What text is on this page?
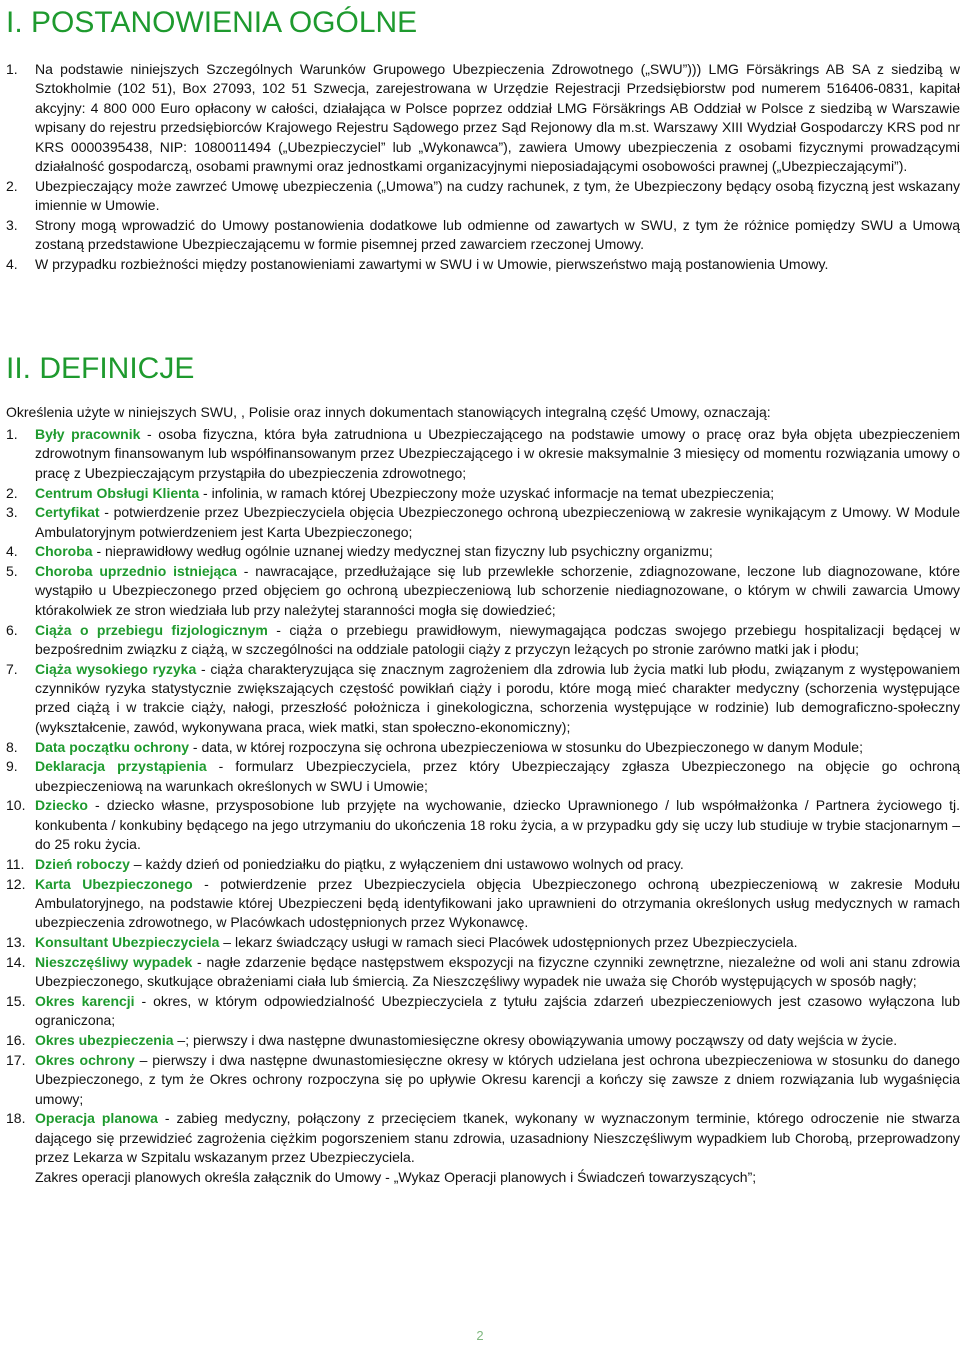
I. POSTANOWIENIA OGÓLNE
1. Na podstawie niniejszych Szczególnych Warunków Grupowego Ubezpieczenia Zdrowotnego („SWU”))) LMG Försäkrings AB SA z siedzibą w Sztokholmie (102 51), Box 27093, 102 51 Szwecja, zarejestrowana w Urzędzie Rejestracji Przedsiębiorstw pod numerem 516406-0831, kapitał akcyjny: 4 800 000 Euro opłacony w całości, działająca w Polsce poprzez oddział LMG Försäkrings AB Oddział w Polsce z siedzibą w Warszawie wpisany do rejestru przedsiębiorców Krajowego Rejestru Sądowego przez Sąd Rejonowy dla m.st. Warszawy XIII Wydział Gospodarczy KRS pod nr KRS 0000395438, NIP: 1080011494 („Ubezpieczyciel” lub „Wykonawca”), zawiera Umowy ubezpieczenia z osobami fizycznymi prowadzącymi działalność gospodarczą, osobami prawnymi oraz jednostkami organizacyjnymi nieposiadającymi osobowości prawnej („Ubezpieczającymi”).
2. Ubezpieczający może zawrzeć Umowę ubezpieczenia („Umowa”) na cudzy rachunek, z tym, że Ubezpieczony będący osobą fizyczną jest wskazany imiennie w Umowie.
3. Strony mogą wprowadzić do Umowy postanowienia dodatkowe lub odmienne od zawartych w SWU, z tym że różnice pomiędzy SWU a Umową zostaną przedstawione Ubezpieczającemu w formie pisemnej przed zawarciem rzeczonej Umowy.
4. W przypadku rozbieżności między postanowieniami zawartymi w SWU i w Umowie, pierwszeństwo mają postanowienia Umowy.
II. DEFINICJE

Określenia użyte w niniejszych SWU, , Polisie oraz innych dokumentach stanowiących integralną część Umowy, oznaczają:

1. Były pracownik - osoba fizyczna, która była zatrudniona u Ubezpieczającego na podstawie umowy o pracę oraz była objęta ubezpieczeniem zdrowotnym finansowanym lub współfinansowanym przez Ubezpieczającego i w okresie maksymalnie 3 miesięcy od momentu rozwiązania umowy o pracę z Ubezpieczającym przystąpiła do ubezpieczenia zdrowotnego;
2. Centrum Obsługi Klienta - infolinia, w ramach której Ubezpieczony może uzyskać informacje na temat ubezpieczenia;
3. Certyfikat - potwierdzenie przez Ubezpieczyciela objęcia Ubezpieczonego ochroną ubezpieczeniową w zakresie wynikającym z Umowy. W Module Ambulatoryjnym potwierdzeniem jest Karta Ubezpieczonego;
4. Choroba - nieprawidłowy według ogólnie uznanej wiedzy medycznej stan fizyczny lub psychiczny organizmu;
5. Choroba uprzednio istniejąca - nawracające, przedłużające się lub przewlekłe schorzenie, zdiagnozowane, leczone lub diagnozowane, które wystąpiło u Ubezpieczonego przed objęciem go ochroną ubezpieczeniową lub schorzenie niediagnozowane, o którym w chwili zawarcia Umowy którakolwiek ze stron wiedziała lub przy należytej staranności mogła się dowiedzieć;
6. Ciąża o przebiegu fizjologicznym - ciąża o przebiegu prawidłowym, niewymagająca podczas swojego przebiegu hospitalizacji będącej w bezpośrednim związku z ciążą, w szczególności na oddziale patologii ciąży z przyczyn leżących po stronie zarówno matki jak i płodu;
7. Ciąża wysokiego ryzyka - ciąża charakteryzująca się znacznym zagrożeniem dla zdrowia lub życia matki lub płodu, związanym z występowaniem czynników ryzyka statystycznie zwiększających częstość powikłań ciąży i porodu, które mogą mieć charakter medyczny (schorzenia występujące przed ciążą i w trakcie ciąży, nałogi, przeszłość położnicza i ginekologiczna, schorzenia występujące w rodzinie) lub demograficzno-społeczny (wykształcenie, zawód, wykonywana praca, wiek matki, stan społeczno-ekonomiczny);
8. Data początku ochrony - data, w której rozpoczyna się ochrona ubezpieczeniowa w stosunku do Ubezpieczonego w danym Module;
9. Deklaracja przystąpienia - formularz Ubezpieczyciela, przez który Ubezpieczający zgłasza Ubezpieczonego na objęcie go ochroną ubezpieczeniową na warunkach określonych w SWU i Umowie;
10. Dziecko - dziecko własne, przysposobione lub przyjęte na wychowanie, dziecko Uprawnionego / lub współmałżonka / Partnera życiowego tj. konkubenta / konkubiny będącego na jego utrzymaniu do ukończenia 18 roku życia, a w przypadku gdy się uczy lub studiuje w trybie stacjonarnym – do 25 roku życia.
11. Dzień roboczy – każdy dzień od poniedziałku do piątku, z wyłączeniem dni ustawowo wolnych od pracy.
12. Karta Ubezpieczonego - potwierdzenie przez Ubezpieczyciela objęcia Ubezpieczonego ochroną ubezpieczeniową w zakresie Modułu Ambulatoryjnego, na podstawie której Ubezpieczeni będą identyfikowani jako uprawnieni do otrzymania określonych usług medycznych w ramach ubezpieczenia zdrowotnego, w Placówkach udostępnionych przez Wykonawcę.
13. Konsultant Ubezpieczyciela – lekarz świadczący usługi w ramach sieci Placówek udostępnionych przez Ubezpieczyciela.
14. Nieszczęśliwy wypadek - nagłe zdarzenie będące następstwem ekspozycji na fizyczne czynniki zewnętrzne, niezależne od woli ani stanu zdrowia Ubezpieczonego, skutkujące obrażeniami ciała lub śmiercią. Za Nieszczęśliwy wypadek nie uważa się Chorób występujących w sposób nagły;
15. Okres karencji - okres, w którym odpowiedzialność Ubezpieczyciela z tytułu zajścia zdarzeń ubezpieczeniowych jest czasowo wyłączona lub ograniczona;
16. Okres ubezpieczenia –; pierwszy i dwa następne dwunastomiesięczne okresy obowiązywania umowy począwszy od daty wejścia w życie.
17. Okres ochrony – pierwszy i dwa następne dwunastomiesięczne okresy w których udzielana jest ochrona ubezpieczeniowa w stosunku do danego Ubezpieczonego, z tym że Okres ochrony rozpoczyna się po upływie Okresu karencji a kończy się zawsze z dniem rozwiązania lub wygaśnięcia umowy;
18. Operacja planowa - zabieg medyczny, połączony z przecięciem tkanek, wykonany w wyznaczonym terminie, którego odroczenie nie stwarza dającego się przewidzieć zagrożenia ciężkim pogorszeniem stanu zdrowia, uzasadniony Nieszczęśliwym wypadkiem lub Chorobą, przeprowadzony przez Lekarza w Szpitalu wskazanym przez Ubezpieczyciela.
Zakres operacji planowych określa załącznik do Umowy - „Wykaz Operacji planowych i Świadczeń towarzyszących”;
2
